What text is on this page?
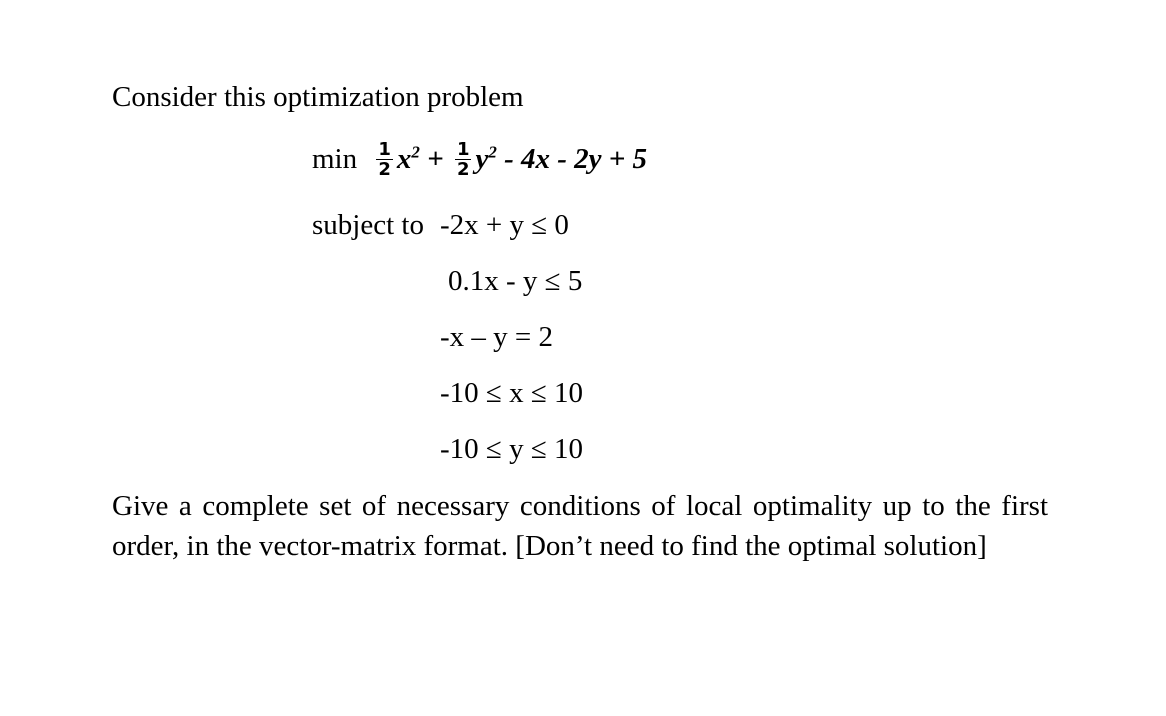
Consider this optimization problem
$\min \frac{1}{2} x^2 + \frac{1}{2} y^2 - 4x - 2y + 5$
subject to -2x + y ≤ 0
0.1x - y ≤ 5
-x – y = 2
-10 ≤ x ≤ 10
-10 ≤ y ≤ 10
Give a complete set of necessary conditions of local optimality up to the first order, in the vector-matrix format. [Don’t need to find the optimal solution]
